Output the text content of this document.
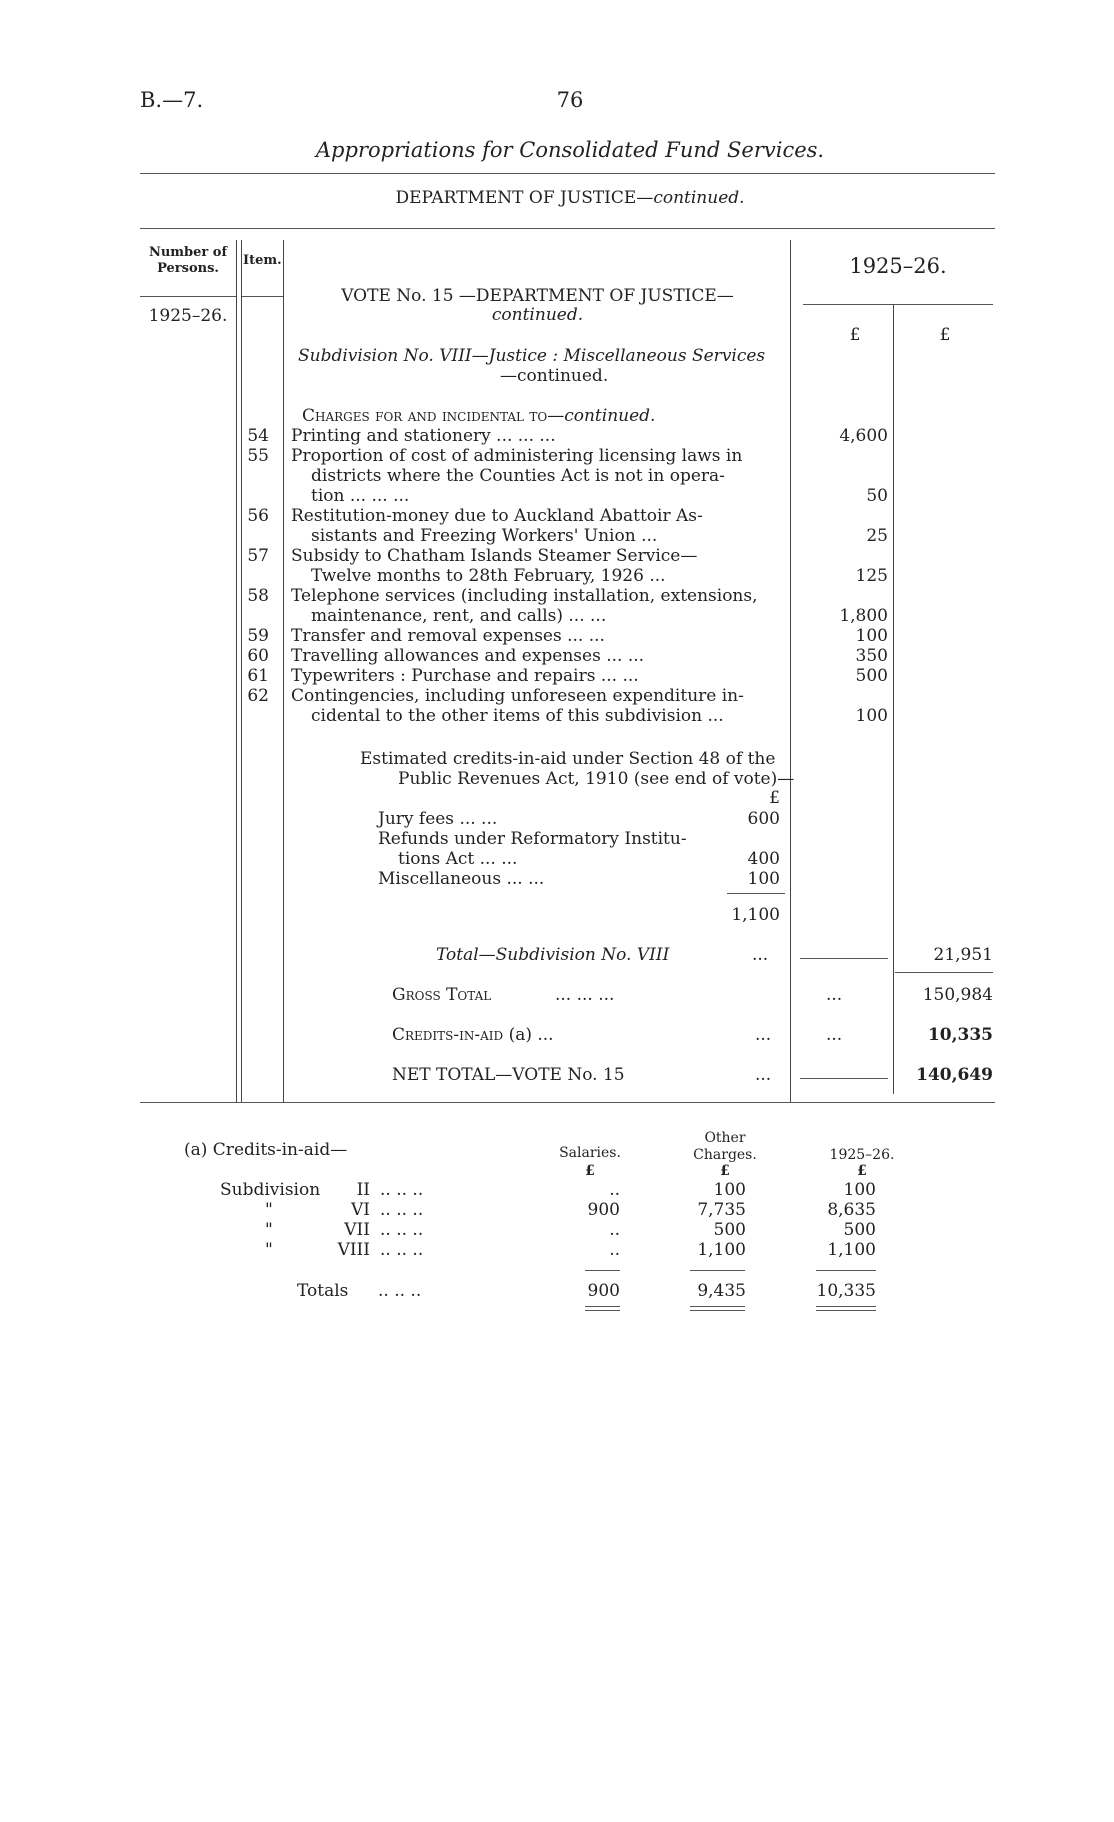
B.—7.	76
Appropriations for Consolidated Fund Services.
DEPARTMENT OF JUSTICE—continued.
Number of Persons.
Item.	1925–26.
1925–26.
£	£
VOTE No. 15 —DEPARTMENT OF JUSTICE—
continued.
Subdivision No. VIII—Justice : Miscellaneous Services
—continued.
Charges for and incidental to—continued.
54 Printing and stationery ... ... ...	4,600
55 Proportion of cost of administering licensing laws in
districts where the Counties Act is not in opera-
tion ... ... ...	50
56 Restitution-money due to Auckland Abattoir As-
sistants and Freezing Workers' Union ...	25
57 Subsidy to Chatham Islands Steamer Service—
Twelve months to 28th February, 1926 ...	125
58 Telephone services (including installation, extensions,
maintenance, rent, and calls) ... ...	1,800
59 Transfer and removal expenses ... ...	100
60 Travelling allowances and expenses ... ...	350
61 Typewriters : Purchase and repairs ... ...	500
62 Contingencies, including unforeseen expenditure in-
cidental to the other items of this subdivision ...	100
Estimated credits-in-aid under Section 48 of the
Public Revenues Act, 1910 (see end of vote)—
£
Jury fees ... ...	600
Refunds under Reformatory Institu-
tions Act ... ...	400
Miscellaneous ... ...	100
1,100
Total—Subdivision No. VIII	...	21,951
Gross Total	... ... ...	...	150,984
Credits-in-aid (a) ...	...	...	10,335
NET TOTAL—VOTE No. 15	...	140,649
(a) Credits-in-aid—	Salaries.
Other
Charges.	1925–26.
£	£	£
Subdivision	II .. .. ..	..	100	100
"	VI .. .. ..	900	7,735	8,635
"	VII .. .. ..	..	500	500
"	VIII .. .. ..	..	1,100	1,100
Totals .. .. ..	900	9,435	10,335
